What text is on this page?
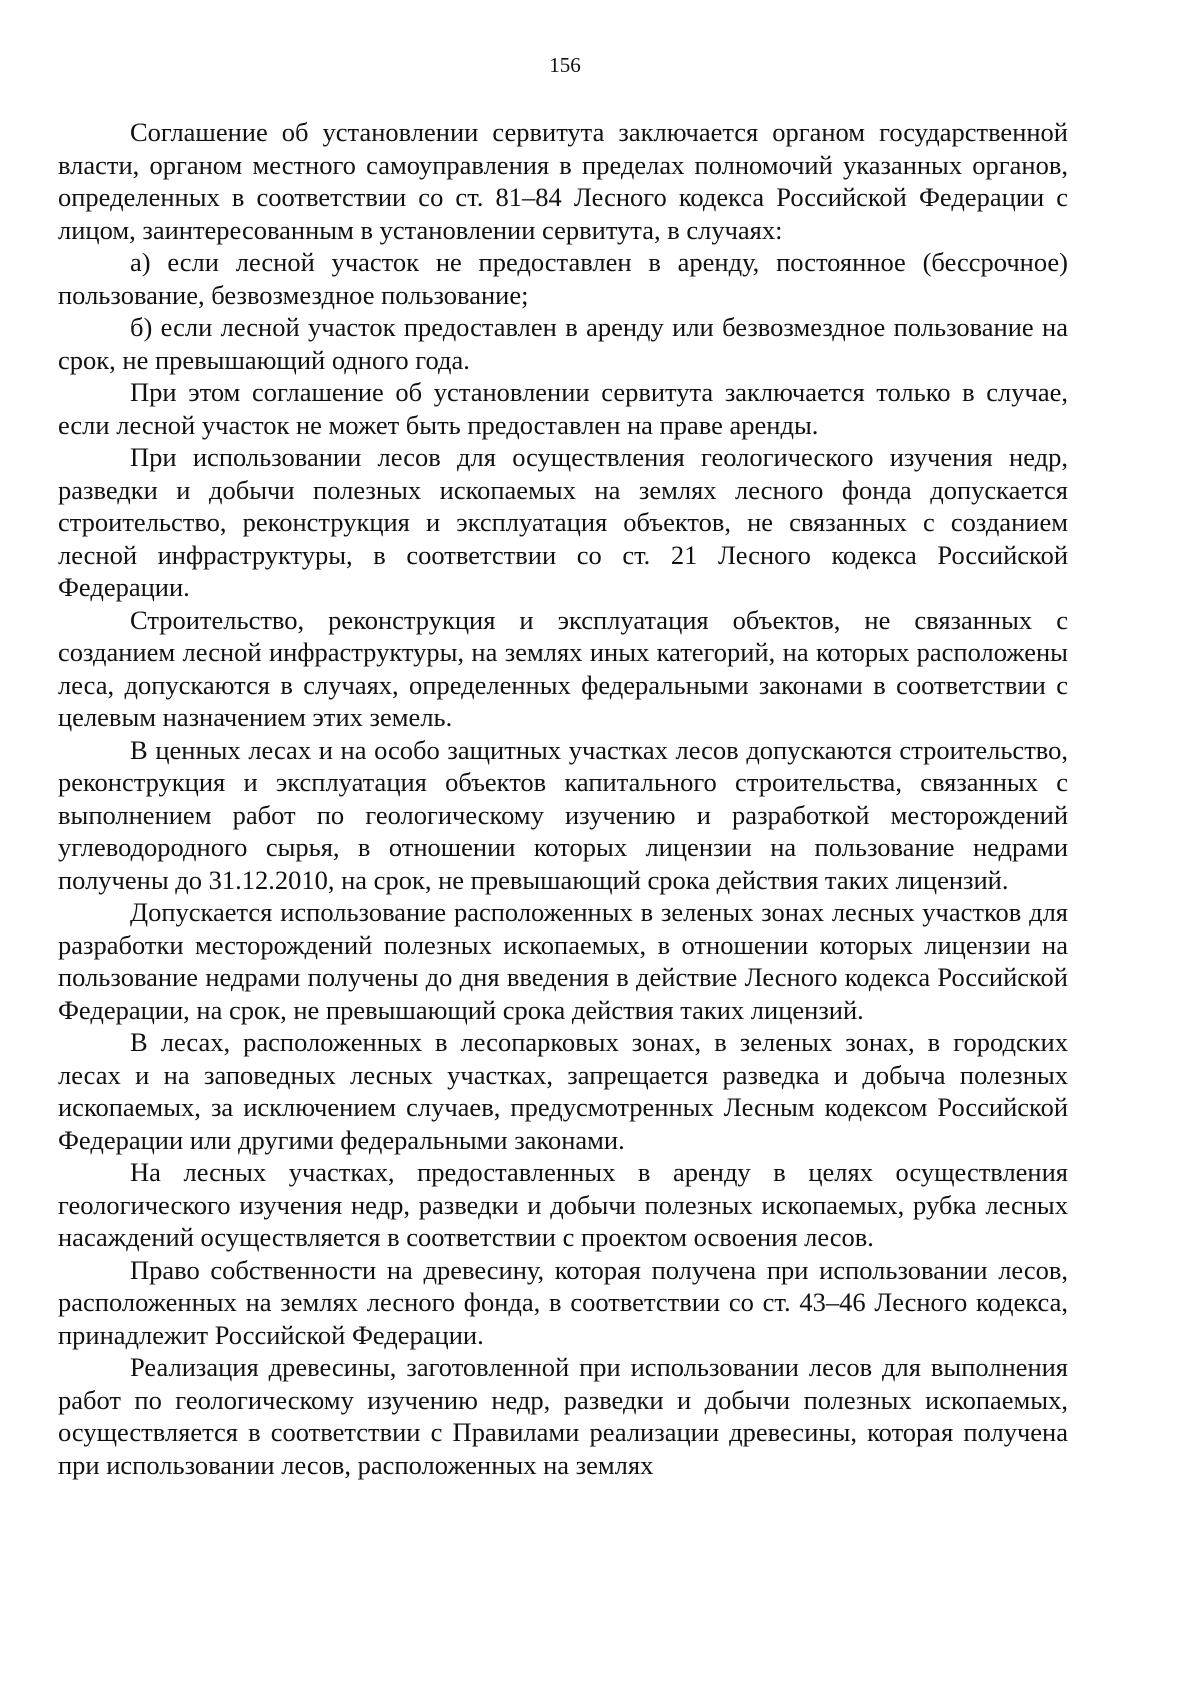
156

Соглашение об установлении сервитута заключается органом государственной власти, органом местного самоуправления в пределах полномочий указанных органов, определенных в соответствии со ст. 81–84 Лесного кодекса Российской Федерации с лицом, заинтересованным в установлении сервитута, в случаях:

а) если лесной участок не предоставлен в аренду, постоянное (бессрочное) пользование, безвозмездное пользование;

б) если лесной участок предоставлен в аренду или безвозмездное пользование на срок, не превышающий одного года.

При этом соглашение об установлении сервитута заключается только в случае, если лесной участок не может быть предоставлен на праве аренды.

При использовании лесов для осуществления геологического изучения недр, разведки и добычи полезных ископаемых на землях лесного фонда допускается строительство, реконструкция и эксплуатация объектов, не связанных с созданием лесной инфраструктуры, в соответствии со ст. 21 Лесного кодекса Российской Федерации.

Строительство, реконструкция и эксплуатация объектов, не связанных с созданием лесной инфраструктуры, на землях иных категорий, на которых расположены леса, допускаются в случаях, определенных федеральными законами в соответствии с целевым назначением этих земель.

В ценных лесах и на особо защитных участках лесов допускаются строительство, реконструкция и эксплуатация объектов капитального строительства, связанных с выполнением работ по геологическому изучению и разработкой месторождений углеводородного сырья, в отношении которых лицензии на пользование недрами получены до 31.12.2010, на срок, не превышающий срока действия таких лицензий.

Допускается использование расположенных в зеленых зонах лесных участков для разработки месторождений полезных ископаемых, в отношении которых лицензии на пользование недрами получены до дня введения в действие Лесного кодекса Российской Федерации, на срок, не превышающий срока действия таких лицензий.

В лесах, расположенных в лесопарковых зонах, в зеленых зонах, в городских лесах и на заповедных лесных участках, запрещается разведка и добыча полезных ископаемых, за исключением случаев, предусмотренных Лесным кодексом Российской Федерации или другими федеральными законами.

На лесных участках, предоставленных в аренду в целях осуществления геологического изучения недр, разведки и добычи полезных ископаемых, рубка лесных насаждений осуществляется в соответствии с проектом освоения лесов.

Право собственности на древесину, которая получена при использовании лесов, расположенных на землях лесного фонда, в соответствии со ст. 43–46 Лесного кодекса, принадлежит Российской Федерации.

Реализация древесины, заготовленной при использовании лесов для выполнения работ по геологическому изучению недр, разведки и добычи полезных ископаемых, осуществляется в соответствии с Правилами реализации древесины, которая получена при использовании лесов, расположенных на землях
